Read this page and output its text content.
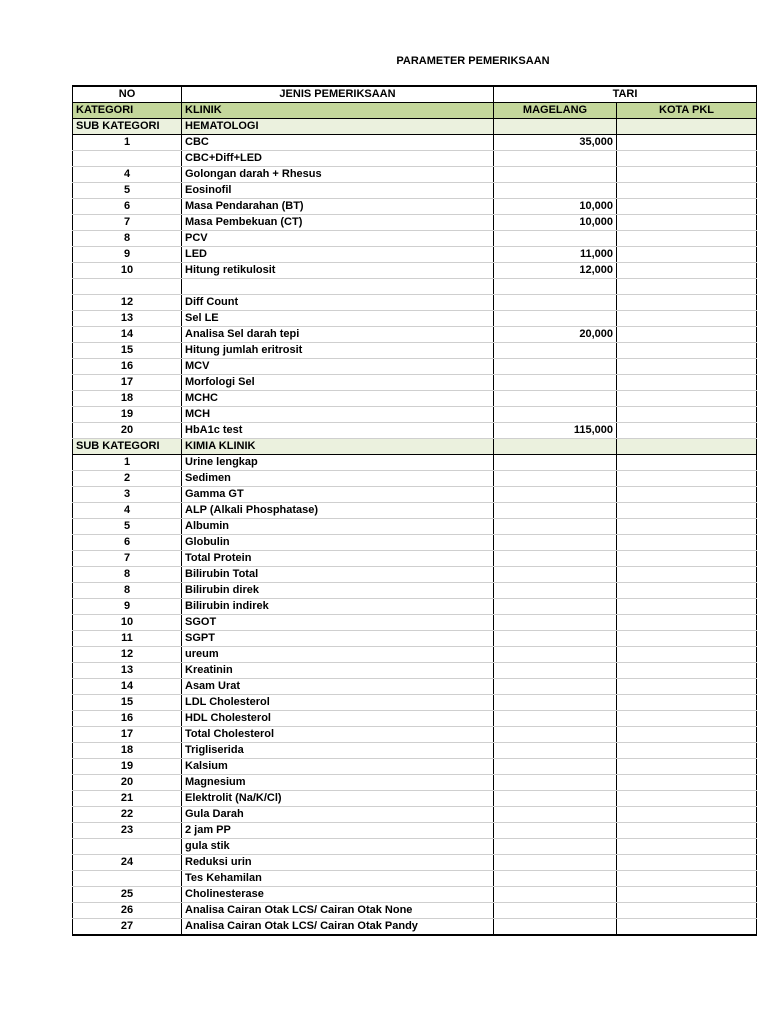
PARAMETER PEMERIKSAAN
NO	JENIS PEMERIKSAAN	TARI	
KATEGORI	KLINIK	MAGELANG	KOTA PKL
SUB KATEGORI	HEMATOLOGI		
1	CBC	35,000	
	CBC+Diff+LED		
4	Golongan darah + Rhesus		
5	Eosinofil		
6	Masa Pendarahan (BT)	10,000	
7	Masa Pembekuan (CT)	10,000	
8	PCV		
9	LED	11,000	
10	Hitung retikulosit	12,000	

12	Diff Count		
13	Sel LE		
14	Analisa Sel darah tepi	20,000	
15	Hitung jumlah eritrosit		
16	MCV		
17	Morfologi Sel		
18	MCHC		
19	MCH		
20	HbA1c test	115,000	
SUB KATEGORI	KIMIA KLINIK		
1	Urine lengkap		
2	Sedimen		
3	Gamma GT		
4	ALP (Alkali Phosphatase)		
5	Albumin		
6	Globulin		
7	Total Protein		
8	Bilirubin Total		
8	Bilirubin direk		
9	Bilirubin indirek		
10	SGOT		
11	SGPT		
12	ureum		
13	Kreatinin		
14	Asam Urat		
15	LDL Cholesterol		
16	HDL Cholesterol		
17	Total Cholesterol		
18	Trigliserida		
19	Kalsium		
20	Magnesium		
21	Elektrolit (Na/K/Cl)		
22	Gula Darah		
23	2 jam PP		
	gula stik		
24	Reduksi urin		
	Tes Kehamilan		
25	Cholinesterase		
26	Analisa Cairan Otak LCS/ Cairan Otak None		
27	Analisa Cairan Otak LCS/ Cairan Otak Pandy		
